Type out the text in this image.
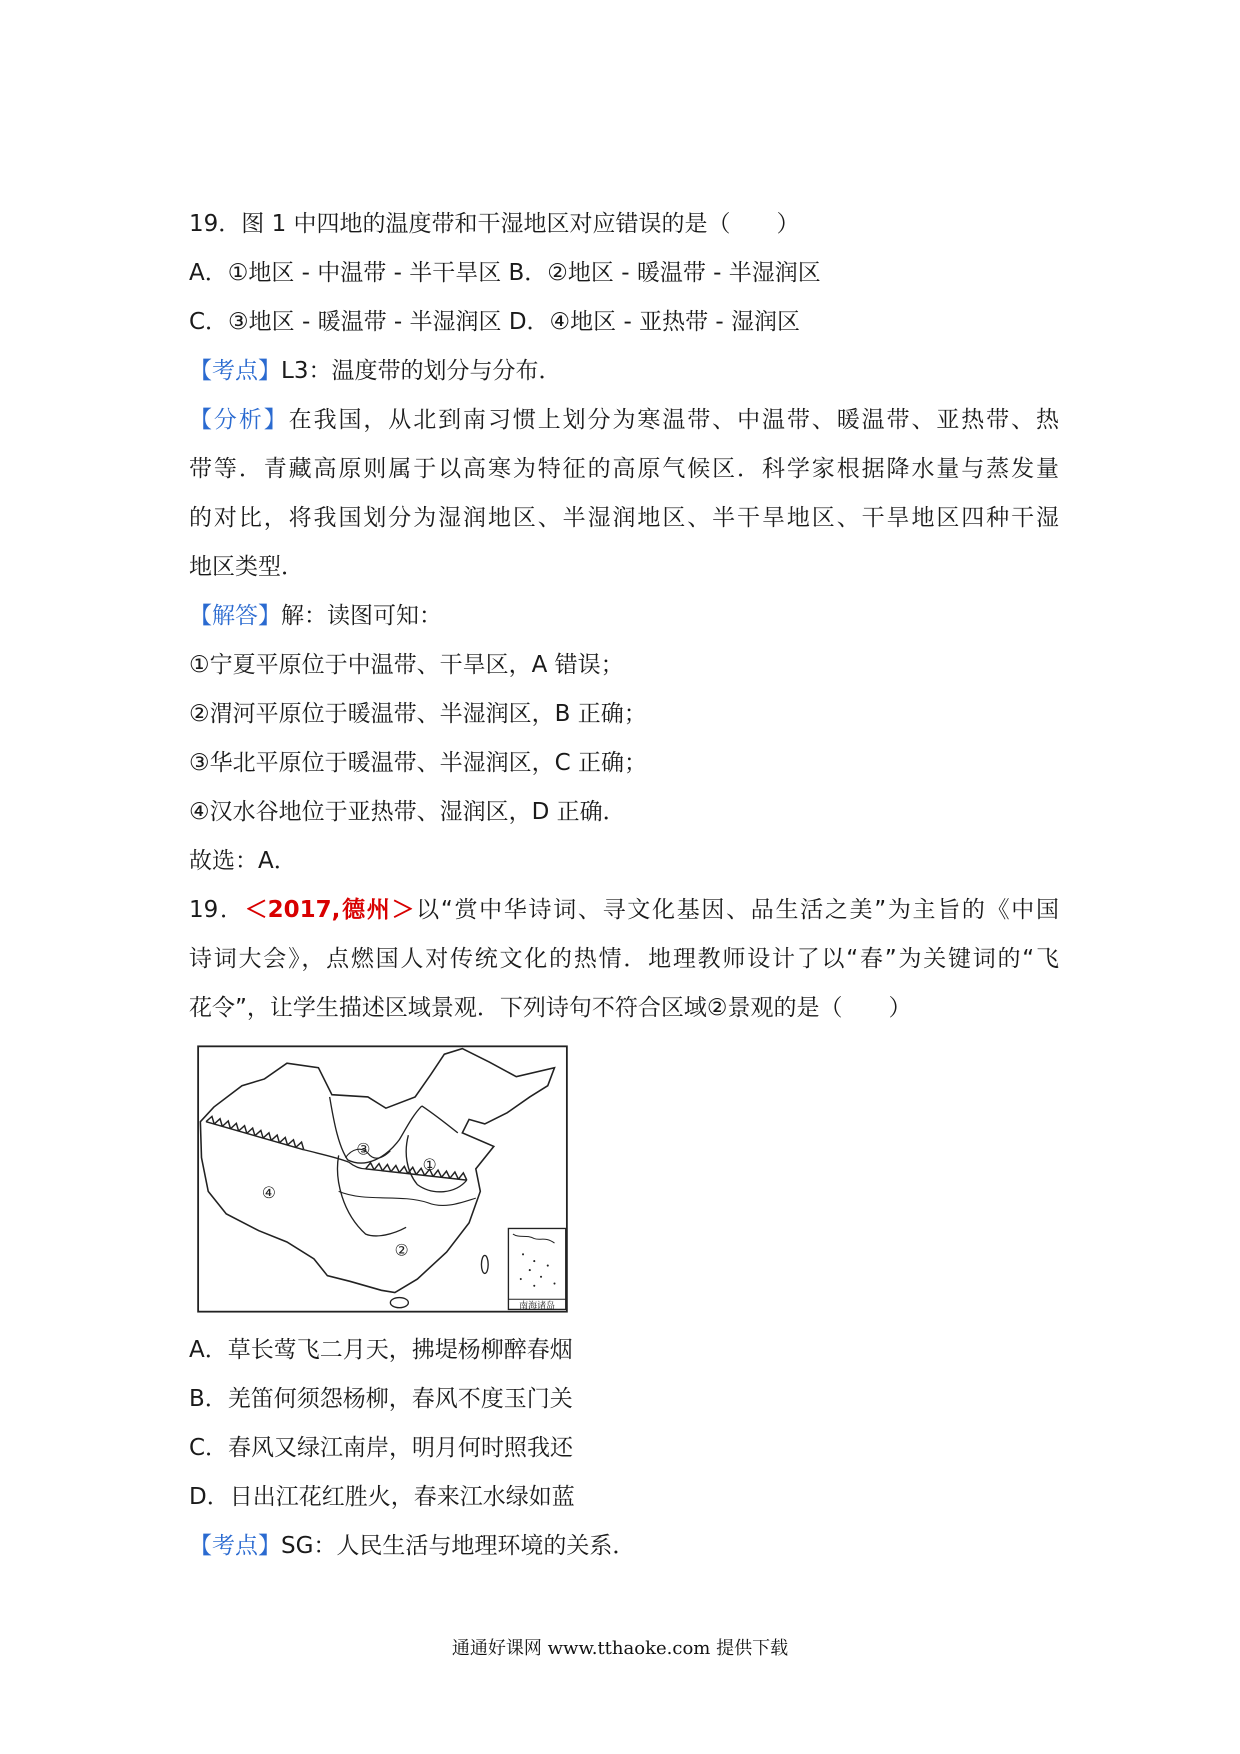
19．图 1 中四地的温度带和干湿地区对应错误的是（　　）
A．①地区 - 中温带 - 半干旱区 B．②地区 - 暖温带 - 半湿润区
C．③地区 - 暖温带 - 半湿润区 D．④地区 - 亚热带 - 湿润区
【考点】L3：温度带的划分与分布．
【分析】在我国，从北到南习惯上划分为寒温带、中温带、暖温带、亚热带、热
带等．青藏高原则属于以高寒为特征的高原气候区．科学家根据降水量与蒸发量
的对比，将我国划分为湿润地区、半湿润地区、半干旱地区、干旱地区四种干湿
地区类型．
【解答】解：读图可知：
①宁夏平原位于中温带、干旱区，A 错误；
②渭河平原位于暖温带、半湿润区，B 正确；
③华北平原位于暖温带、半湿润区，C 正确；
④汉水谷地位于亚热带、湿润区，D 正确．
故选：A．
19．＜2017,德州＞以“赏中华诗词、寻文化基因、品生活之美”为主旨的《中国
诗词大会》，点燃国人对传统文化的热情．地理教师设计了以“春”为关键词的“飞
花令”，让学生描述区域景观．下列诗句不符合区域②景观的是（　　）
③
①
④
②
南海诸岛
A．草长莺飞二月天，拂堤杨柳醉春烟
B．羌笛何须怨杨柳，春风不度玉门关
C．春风又绿江南岸，明月何时照我还
D．日出江花红胜火，春来江水绿如蓝
【考点】SG：人民生活与地理环境的关系．
通通好课网 www.tthaoke.com 提供下载
